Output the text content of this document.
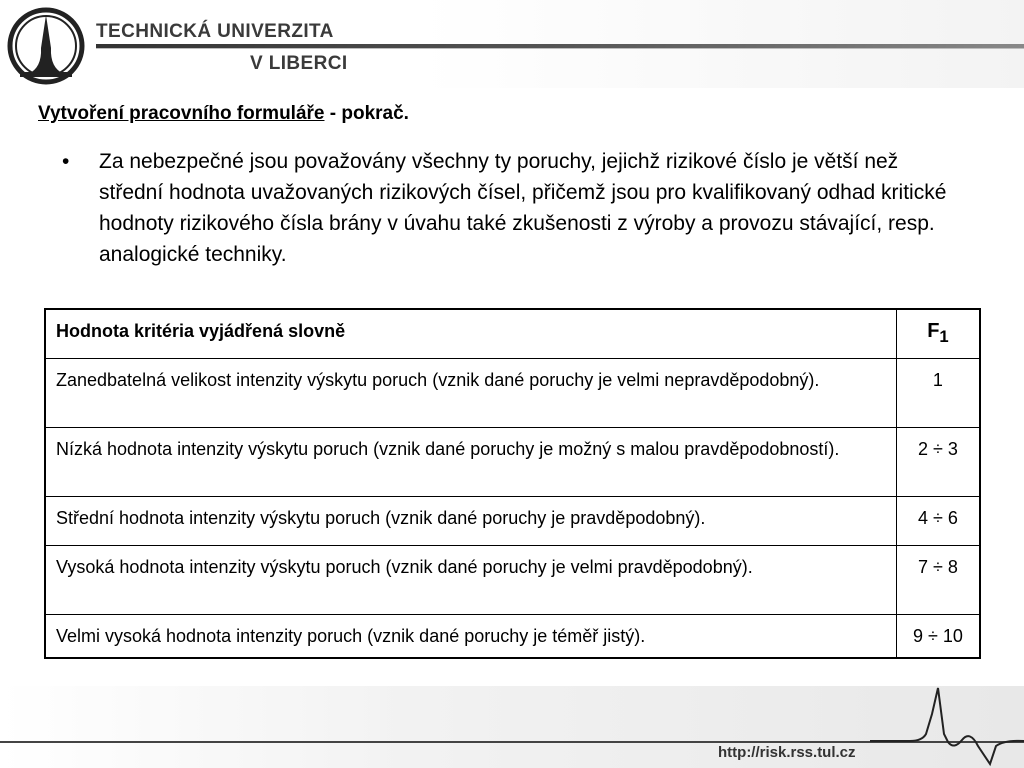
TECHNICKÁ UNIVERZITA
V LIBERCI
Vytvoření pracovního formuláře - pokrač.
• Za nebezpečné jsou považovány všechny ty poruchy, jejichž rizikové číslo je větší než střední hodnota uvažovaných rizikových čísel, přičemž jsou pro kvalifikovaný odhad kritické hodnoty rizikového čísla brány v úvahu také zkušenosti z výroby a provozu stávající, resp. analogické techniky.
Hodnota kritéria vyjádřená slovně	$F_1$
Zanedbatelná velikost intenzity výskytu poruch (vznik dané poruchy je velmi nepravděpodobný).	1
Nízká hodnota intenzity výskytu poruch (vznik dané poruchy je možný s malou pravděpodobností).	2 ÷ 3
Střední hodnota intenzity výskytu poruch (vznik dané poruchy je pravděpodobný).	4 ÷ 6
Vysoká hodnota intenzity výskytu poruch (vznik dané poruchy je velmi pravděpodobný).	7 ÷ 8
Velmi vysoká hodnota intenzity poruch (vznik dané poruchy je téměř jistý).	9 ÷ 10
http://risk.rss.tul.cz
